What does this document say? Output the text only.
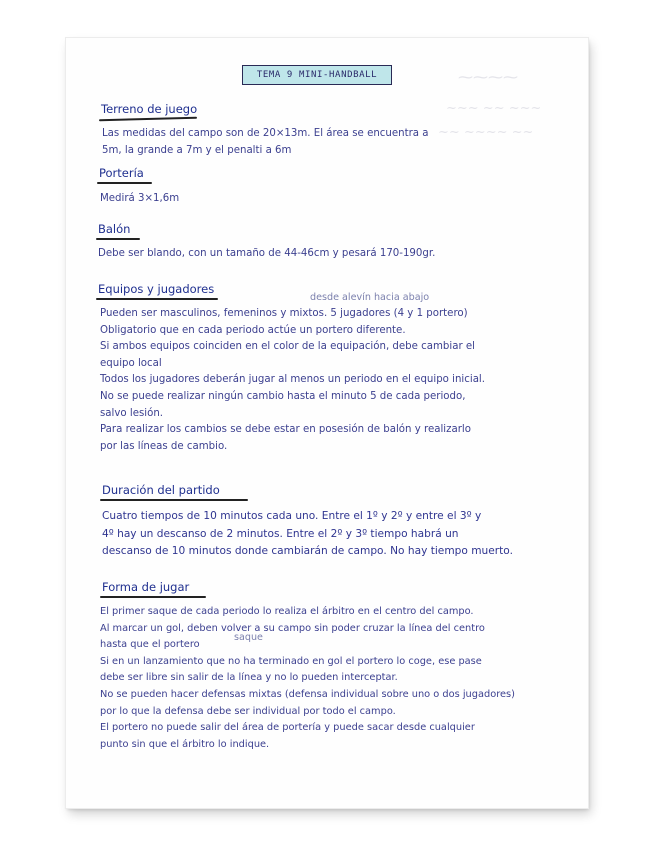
⁓⁓⁓⁓
~~~ ~~ ~~~
~~ ~~~~ ~~
TEMA 9 MINI-HANDBALL
Terreno de juego
Las medidas del campo son de 20×13m. El área se encuentra a
5m, la grande a 7m y el penalti a 6m
Portería
Medirá 3×1,6m
Balón
Debe ser blando, con un tamaño de 44-46cm y pesará 170-190gr.
Equipos y jugadores
desde alevín hacia abajo
Pueden ser masculinos, femeninos y mixtos. 5 jugadores (4 y 1 portero)
Obligatorio que en cada periodo actúe un portero diferente.
Si ambos equipos coinciden en el color de la equipación, debe cambiar el
equipo local
Todos los jugadores deberán jugar al menos un periodo en el equipo inicial.
No se puede realizar ningún cambio hasta el minuto 5 de cada periodo,
salvo lesión.
Para realizar los cambios se debe estar en posesión de balón y realizarlo
por las líneas de cambio.
Duración del partido
Cuatro tiempos de 10 minutos cada uno. Entre el 1º y 2º y entre el 3º y
4º hay un descanso de 2 minutos. Entre el 2º y 3º tiempo habrá un
descanso de 10 minutos donde cambiarán de campo. No hay tiempo muerto.
Forma de jugar
saque
El primer saque de cada periodo lo realiza el árbitro en el centro del campo.
Al marcar un gol, deben volver a su campo sin poder cruzar la línea del centro
hasta que el portero
Si en un lanzamiento que no ha terminado en gol el portero lo coge, ese pase
debe ser libre sin salir de la línea y no lo pueden interceptar.
No se pueden hacer defensas mixtas (defensa individual sobre uno o dos jugadores)
por lo que la defensa debe ser individual por todo el campo.
El portero no puede salir del área de portería y puede sacar desde cualquier
punto sin que el árbitro lo indique.
